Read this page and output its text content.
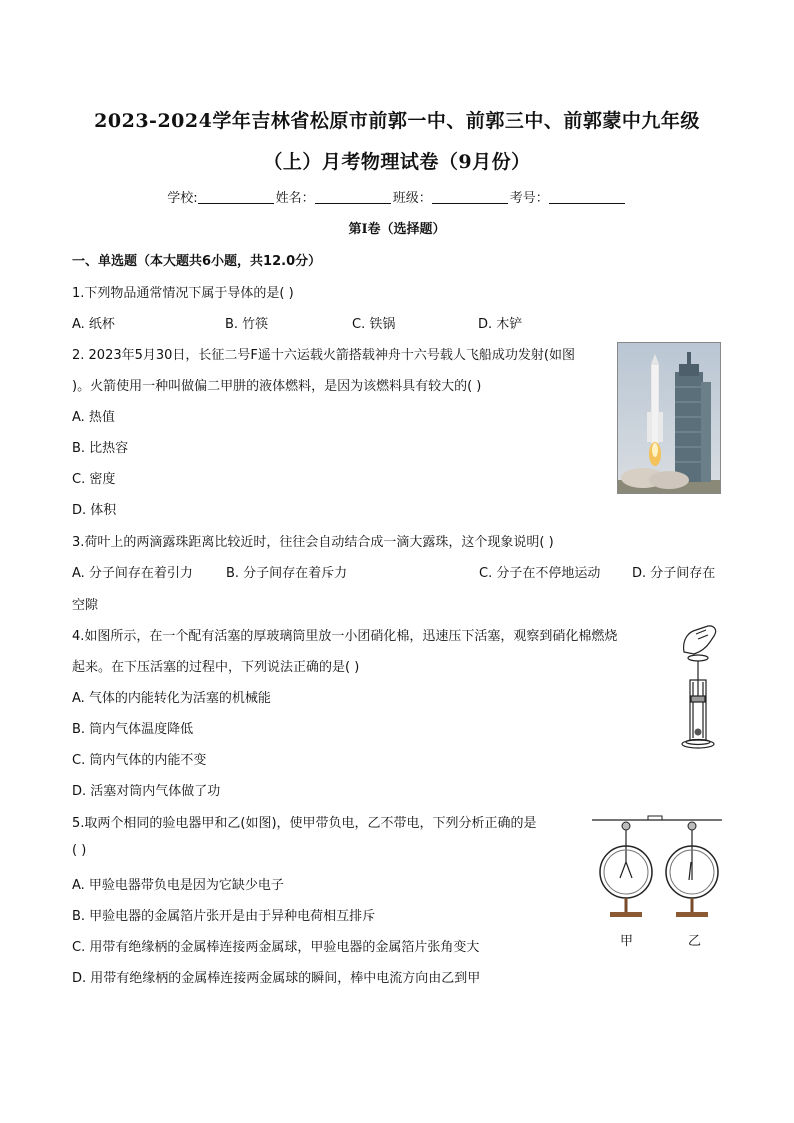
2023-2024学年吉林省松原市前郭一中、前郭三中、前郭蒙中九年级
（上）月考物理试卷（9月份）
学校:	姓名：	班级：	考号：
第I卷（选择题）
一、单选题（本大题共6小题，共12.0分）
1.下列物品通常情况下属于导体的是( )
A. 纸杯	B. 竹筷	C. 铁锅	D. 木铲
2. 2023年5月30日，长征二号F遥十六运载火箭搭载神舟十六号载人飞船成功发射(如图
)。火箭使用一种叫做偏二甲肼的液体燃料，是因为该燃料具有较大的( )
A. 热值
B. 比热容
C. 密度
D. 体积
3.荷叶上的两滴露珠距离比较近时，往往会自动结合成一滴大露珠，这个现象说明( )
A. 分子间存在着引力	B. 分子间存在着斥力	C. 分子在不停地运动 D. 分子间存在
空隙
4.如图所示，在一个配有活塞的厚玻璃筒里放一小团硝化棉，迅速压下活塞，观察到硝化棉燃烧
起来。在下压活塞的过程中，下列说法正确的是( )
A. 气体的内能转化为活塞的机械能
B. 筒内气体温度降低
C. 筒内气体的内能不变
D. 活塞对筒内气体做了功
5.取两个相同的验电器甲和乙(如图)，使甲带负电，乙不带电，下列分析正确的是
( )
A. 甲验电器带负电是因为它缺少电子
B. 甲验电器的金属箔片张开是由于异种电荷相互排斥
C. 用带有绝缘柄的金属棒连接两金属球，甲验电器的金属箔片张角变大
D. 用带有绝缘柄的金属棒连接两金属球的瞬间，棒中电流方向由乙到甲
甲	乙
